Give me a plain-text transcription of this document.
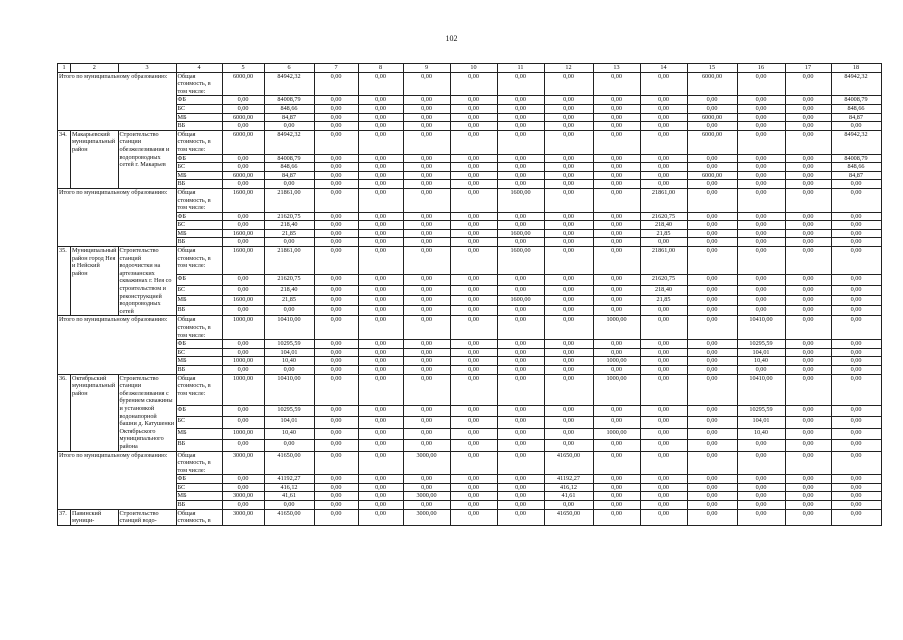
102
1	2	3	4	5	6	7	8	9	10	11	12	13	14	15	16	17	18
Итого по муниципальному образованию:			Общая стоимость, в том числе:	6000,00	84942,32	0,00	0,00	0,00	0,00	0,00	0,00	0,00	0,00	6000,00	0,00	0,00	84942,32
			ФБ	0,00	84008,79	0,00	0,00	0,00	0,00	0,00	0,00	0,00	0,00	0,00	0,00	0,00	84008,79
			БС	0,00	848,66	0,00	0,00	0,00	0,00	0,00	0,00	0,00	0,00	0,00	0,00	0,00	848,66
			МБ	6000,00	84,87	0,00	0,00	0,00	0,00	0,00	0,00	0,00	0,00	6000,00	0,00	0,00	84,87
			ВБ	0,00	0,00	0,00	0,00	0,00	0,00	0,00	0,00	0,00	0,00	0,00	0,00	0,00	0,00
34.	Макарьевский муниципальный район	Строительство станции обезжелезивания и водопроводных сетей г. Макарьев	Общая стоимость, в том числе:	6000,00	84942,32	0,00	0,00	0,00	0,00	0,00	0,00	0,00	0,00	6000,00	0,00	0,00	84942,32
			ФБ	0,00	84008,79	0,00	0,00	0,00	0,00	0,00	0,00	0,00	0,00	0,00	0,00	0,00	84008,79
			БС	0,00	848,66	0,00	0,00	0,00	0,00	0,00	0,00	0,00	0,00	0,00	0,00	0,00	848,66
			МБ	6000,00	84,87	0,00	0,00	0,00	0,00	0,00	0,00	0,00	0,00	6000,00	0,00	0,00	84,87
			ВБ	0,00	0,00	0,00	0,00	0,00	0,00	0,00	0,00	0,00	0,00	0,00	0,00	0,00	0,00
Итого по муниципальному образованию:			Общая стоимость, в том числе:	1600,00	21861,00	0,00	0,00	0,00	0,00	1600,00	0,00	0,00	21861,00	0,00	0,00	0,00	0,00
			ФБ	0,00	21620,75	0,00	0,00	0,00	0,00	0,00	0,00	0,00	21620,75	0,00	0,00	0,00	0,00
			БС	0,00	218,40	0,00	0,00	0,00	0,00	0,00	0,00	0,00	218,40	0,00	0,00	0,00	0,00
			МБ	1600,00	21,85	0,00	0,00	0,00	0,00	1600,00	0,00	0,00	21,85	0,00	0,00	0,00	0,00
			ВБ	0,00	0,00	0,00	0,00	0,00	0,00	0,00	0,00	0,00	0,00	0,00	0,00	0,00	0,00
35.	Муниципальный район город Нея и Нейский район	Строительство станций водоочистки на артезианских скважинах г. Нея со строительством и реконструкцией водопроводных сетей	Общая стоимость, в том числе:	1600,00	21861,00	0,00	0,00	0,00	0,00	1600,00	0,00	0,00	21861,00	0,00	0,00	0,00	0,00
			ФБ	0,00	21620,75	0,00	0,00	0,00	0,00	0,00	0,00	0,00	21620,75	0,00	0,00	0,00	0,00
			БС	0,00	218,40	0,00	0,00	0,00	0,00	0,00	0,00	0,00	218,40	0,00	0,00	0,00	0,00
			МБ	1600,00	21,85	0,00	0,00	0,00	0,00	1600,00	0,00	0,00	21,85	0,00	0,00	0,00	0,00
			ВБ	0,00	0,00	0,00	0,00	0,00	0,00	0,00	0,00	0,00	0,00	0,00	0,00	0,00	0,00
Итого по муниципальному образованию:			Общая стоимость, в том числе:	1000,00	10410,00	0,00	0,00	0,00	0,00	0,00	0,00	1000,00	0,00	0,00	10410,00	0,00	0,00
			ФБ	0,00	10295,59	0,00	0,00	0,00	0,00	0,00	0,00	0,00	0,00	0,00	10295,59	0,00	0,00
			БС	0,00	104,01	0,00	0,00	0,00	0,00	0,00	0,00	0,00	0,00	0,00	104,01	0,00	0,00
			МБ	1000,00	10,40	0,00	0,00	0,00	0,00	0,00	0,00	1000,00	0,00	0,00	10,40	0,00	0,00
			ВБ	0,00	0,00	0,00	0,00	0,00	0,00	0,00	0,00	0,00	0,00	0,00	0,00	0,00	0,00
36.	Октябрьский муниципальный район	Строительство станции обезжелезивания с бурением скважины и установкой водонапорной башни д. Катушенки Октябрьского муниципального района	Общая стоимость, в том числе:	1000,00	10410,00	0,00	0,00	0,00	0,00	0,00	0,00	1000,00	0,00	0,00	10410,00	0,00	0,00
			ФБ	0,00	10295,59	0,00	0,00	0,00	0,00	0,00	0,00	0,00	0,00	0,00	10295,59	0,00	0,00
			БС	0,00	104,01	0,00	0,00	0,00	0,00	0,00	0,00	0,00	0,00	0,00	104,01	0,00	0,00
			МБ	1000,00	10,40	0,00	0,00	0,00	0,00	0,00	0,00	1000,00	0,00	0,00	10,40	0,00	0,00
			ВБ	0,00	0,00	0,00	0,00	0,00	0,00	0,00	0,00	0,00	0,00	0,00	0,00	0,00	0,00
Итого по муниципальному образованию:			Общая стоимость, в том числе:	3000,00	41650,00	0,00	0,00	3000,00	0,00	0,00	41650,00	0,00	0,00	0,00	0,00	0,00	0,00
			ФБ	0,00	41192,27	0,00	0,00	0,00	0,00	0,00	41192,27	0,00	0,00	0,00	0,00	0,00	0,00
			БС	0,00	416,12	0,00	0,00	0,00	0,00	0,00	416,12	0,00	0,00	0,00	0,00	0,00	0,00
			МБ	3000,00	41,61	0,00	0,00	3000,00	0,00	0,00	41,61	0,00	0,00	0,00	0,00	0,00	0,00
			ВБ	0,00	0,00	0,00	0,00	0,00	0,00	0,00	0,00	0,00	0,00	0,00	0,00	0,00	0,00
37.	Павинский муници-	Строительство станций водо-	Общая стоимость, в	3000,00	41650,00	0,00	0,00	3000,00	0,00	0,00	41650,00	0,00	0,00	0,00	0,00	0,00	0,00
